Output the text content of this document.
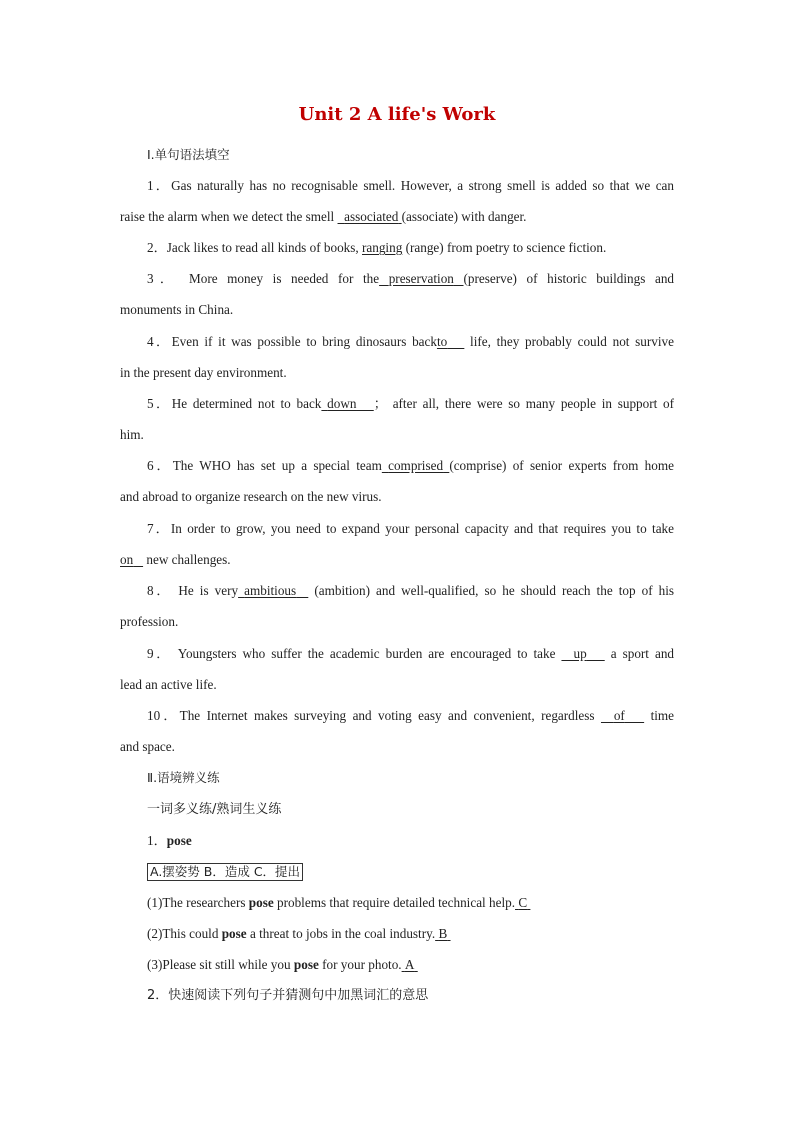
Unit 2 A life's Work
Ⅰ.单句语法填空
1．Gas naturally has no recognisable smell. However, a strong smell is added so that we can
raise the alarm when we detect the smell   associated (associate) with danger.
2．Jack likes to read all kinds of books, ranging (range) from poetry to science fiction.
3． More money is needed for the preservation (preserve) of historic buildings and
monuments in China.
4．Even if it was possible to bring dinosaurs backto life, they probably could not survive
in the present day environment.
5．He determined not to back down ； after all, there were so many people in support of
him.
6．The WHO has set up a special team comprised (comprise) of senior experts from home
and abroad to organize research on the new virus.
7．In order to grow, you need to expand your personal capacity and that requires you to take
on new challenges.
8． He is very ambitious (ambition) and well-qualified, so he should reach the top of his
profession.
9． Youngsters who suffer the academic burden are encouraged to take   up a sport and
lead an active life.
10．The Internet makes surveying and voting easy and convenient, regardless   of time
and space.
Ⅱ.语境辨义练
一词多义练/熟词生义练
1．pose
A.摆姿势 B．造成 C．提出
(1)The researchers pose problems that require detailed technical help. C
(2)This could pose a threat to jobs in the coal industry. B
(3)Please sit still while you pose for your photo. A
2．快速阅读下列句子并猜测句中加黑词汇的意思
